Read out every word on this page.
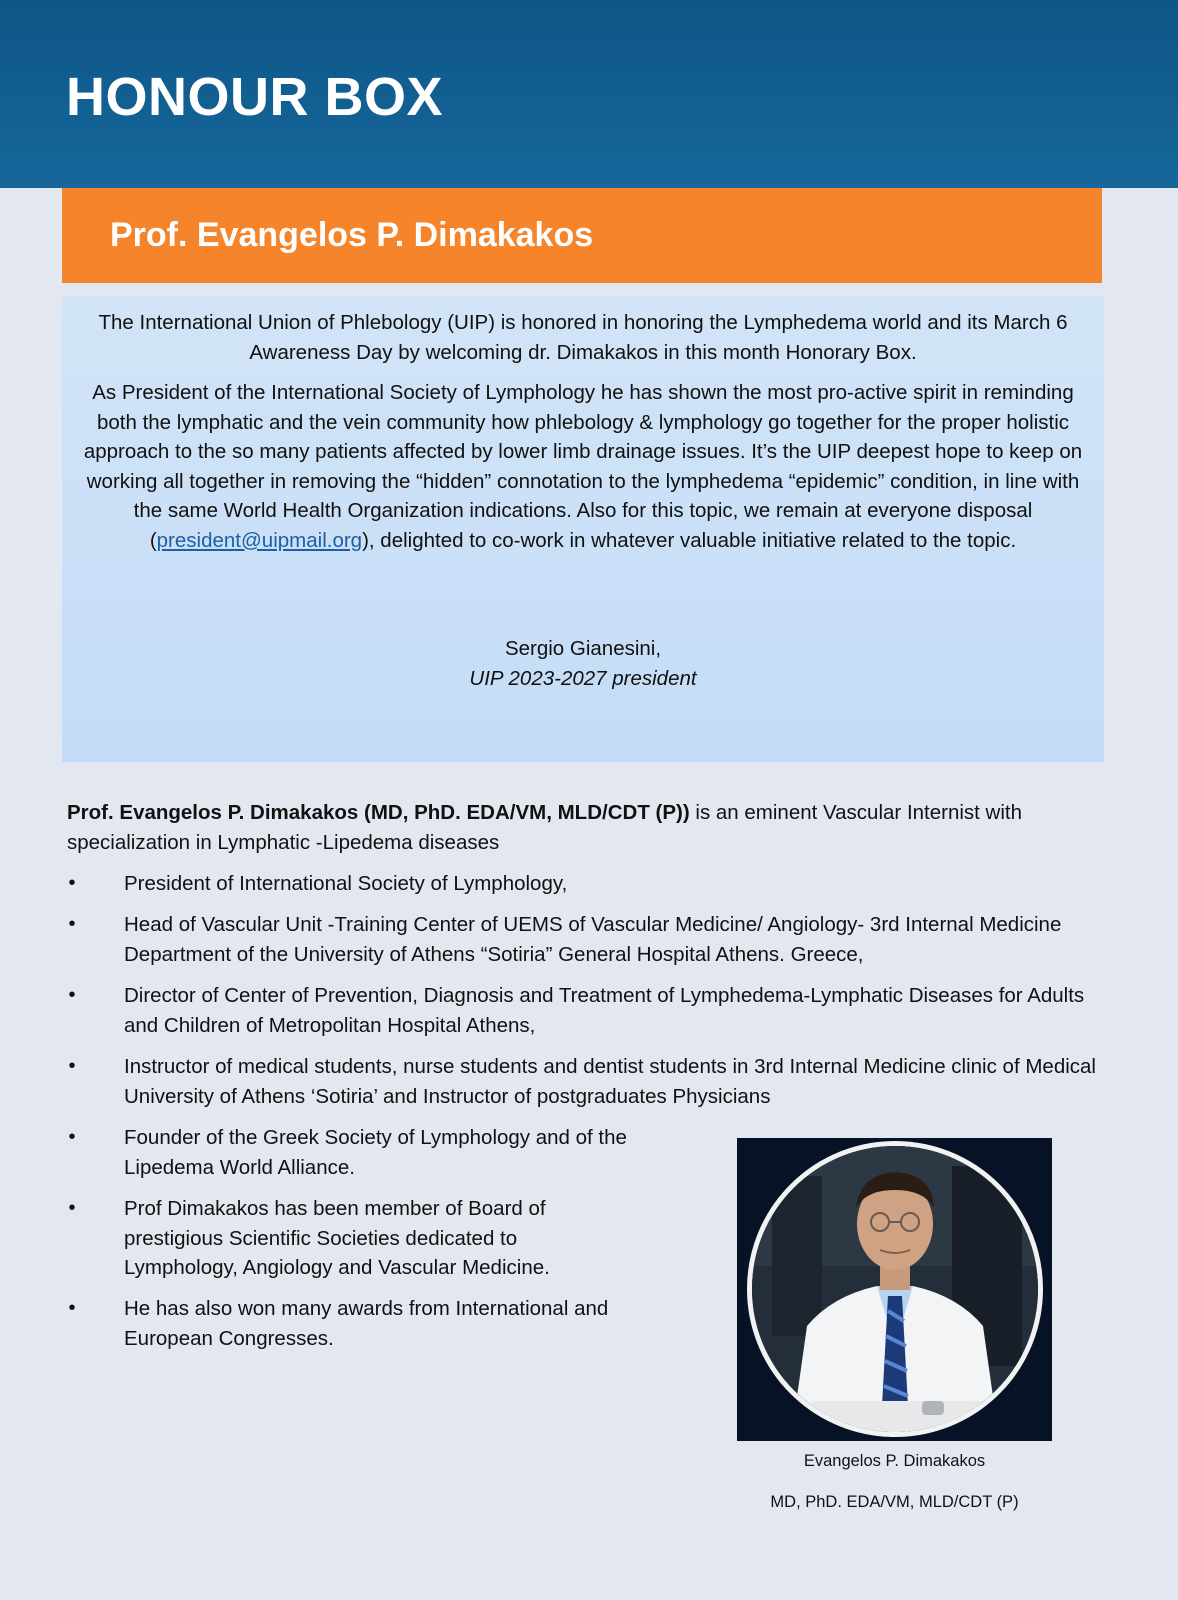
HONOUR BOX
Prof. Evangelos P. Dimakakos

The International Union of Phlebology (UIP) is honored in honoring the Lymphedema world and its March 6 Awareness Day by welcoming dr. Dimakakos in this month Honorary Box.

As President of the International Society of Lymphology he has shown the most pro-active spirit in reminding both the lymphatic and the vein community how phlebology & lymphology go together for the proper holistic approach to the so many patients affected by lower limb drainage issues. It’s the UIP deepest hope to keep on working all together in removing the “hidden” connotation to the lymphedema “epidemic” condition, in line with the same World Health Organization indications. Also for this topic, we remain at everyone disposal (president@uipmail.org), delighted to co-work in whatever valuable initiative related to the topic.

Sergio Gianesini,
UIP 2023-2027 president

Prof. Evangelos P. Dimakakos (MD, PhD. EDA/VM, MLD/CDT (P)) is an eminent Vascular Internist with specialization in Lymphatic -Lipedema diseases

• President of International Society of Lymphology,
• Head of Vascular Unit -Training Center of UEMS of Vascular Medicine/ Angiology- 3rd Internal Medicine Department of the University of Athens “Sotiria” General Hospital Athens. Greece,
• Director of Center of Prevention, Diagnosis and Treatment of Lymphedema-Lymphatic Diseases for Adults and Children of Metropolitan Hospital Athens,
• Instructor of medical students, nurse students and dentist students in 3rd Internal Medicine clinic of Medical University of Athens ‘Sotiria’ and Instructor of postgraduates Physicians
• Founder of the Greek Society of Lymphology and of the Lipedema World Alliance.
• Prof Dimakakos has been member of Board of prestigious Scientific Societies dedicated to Lymphology, Angiology and Vascular Medicine.
• He has also won many awards from International and European Congresses.
Evangelos P. Dimakakos
MD, PhD. EDA/VM, MLD/CDT (P)
